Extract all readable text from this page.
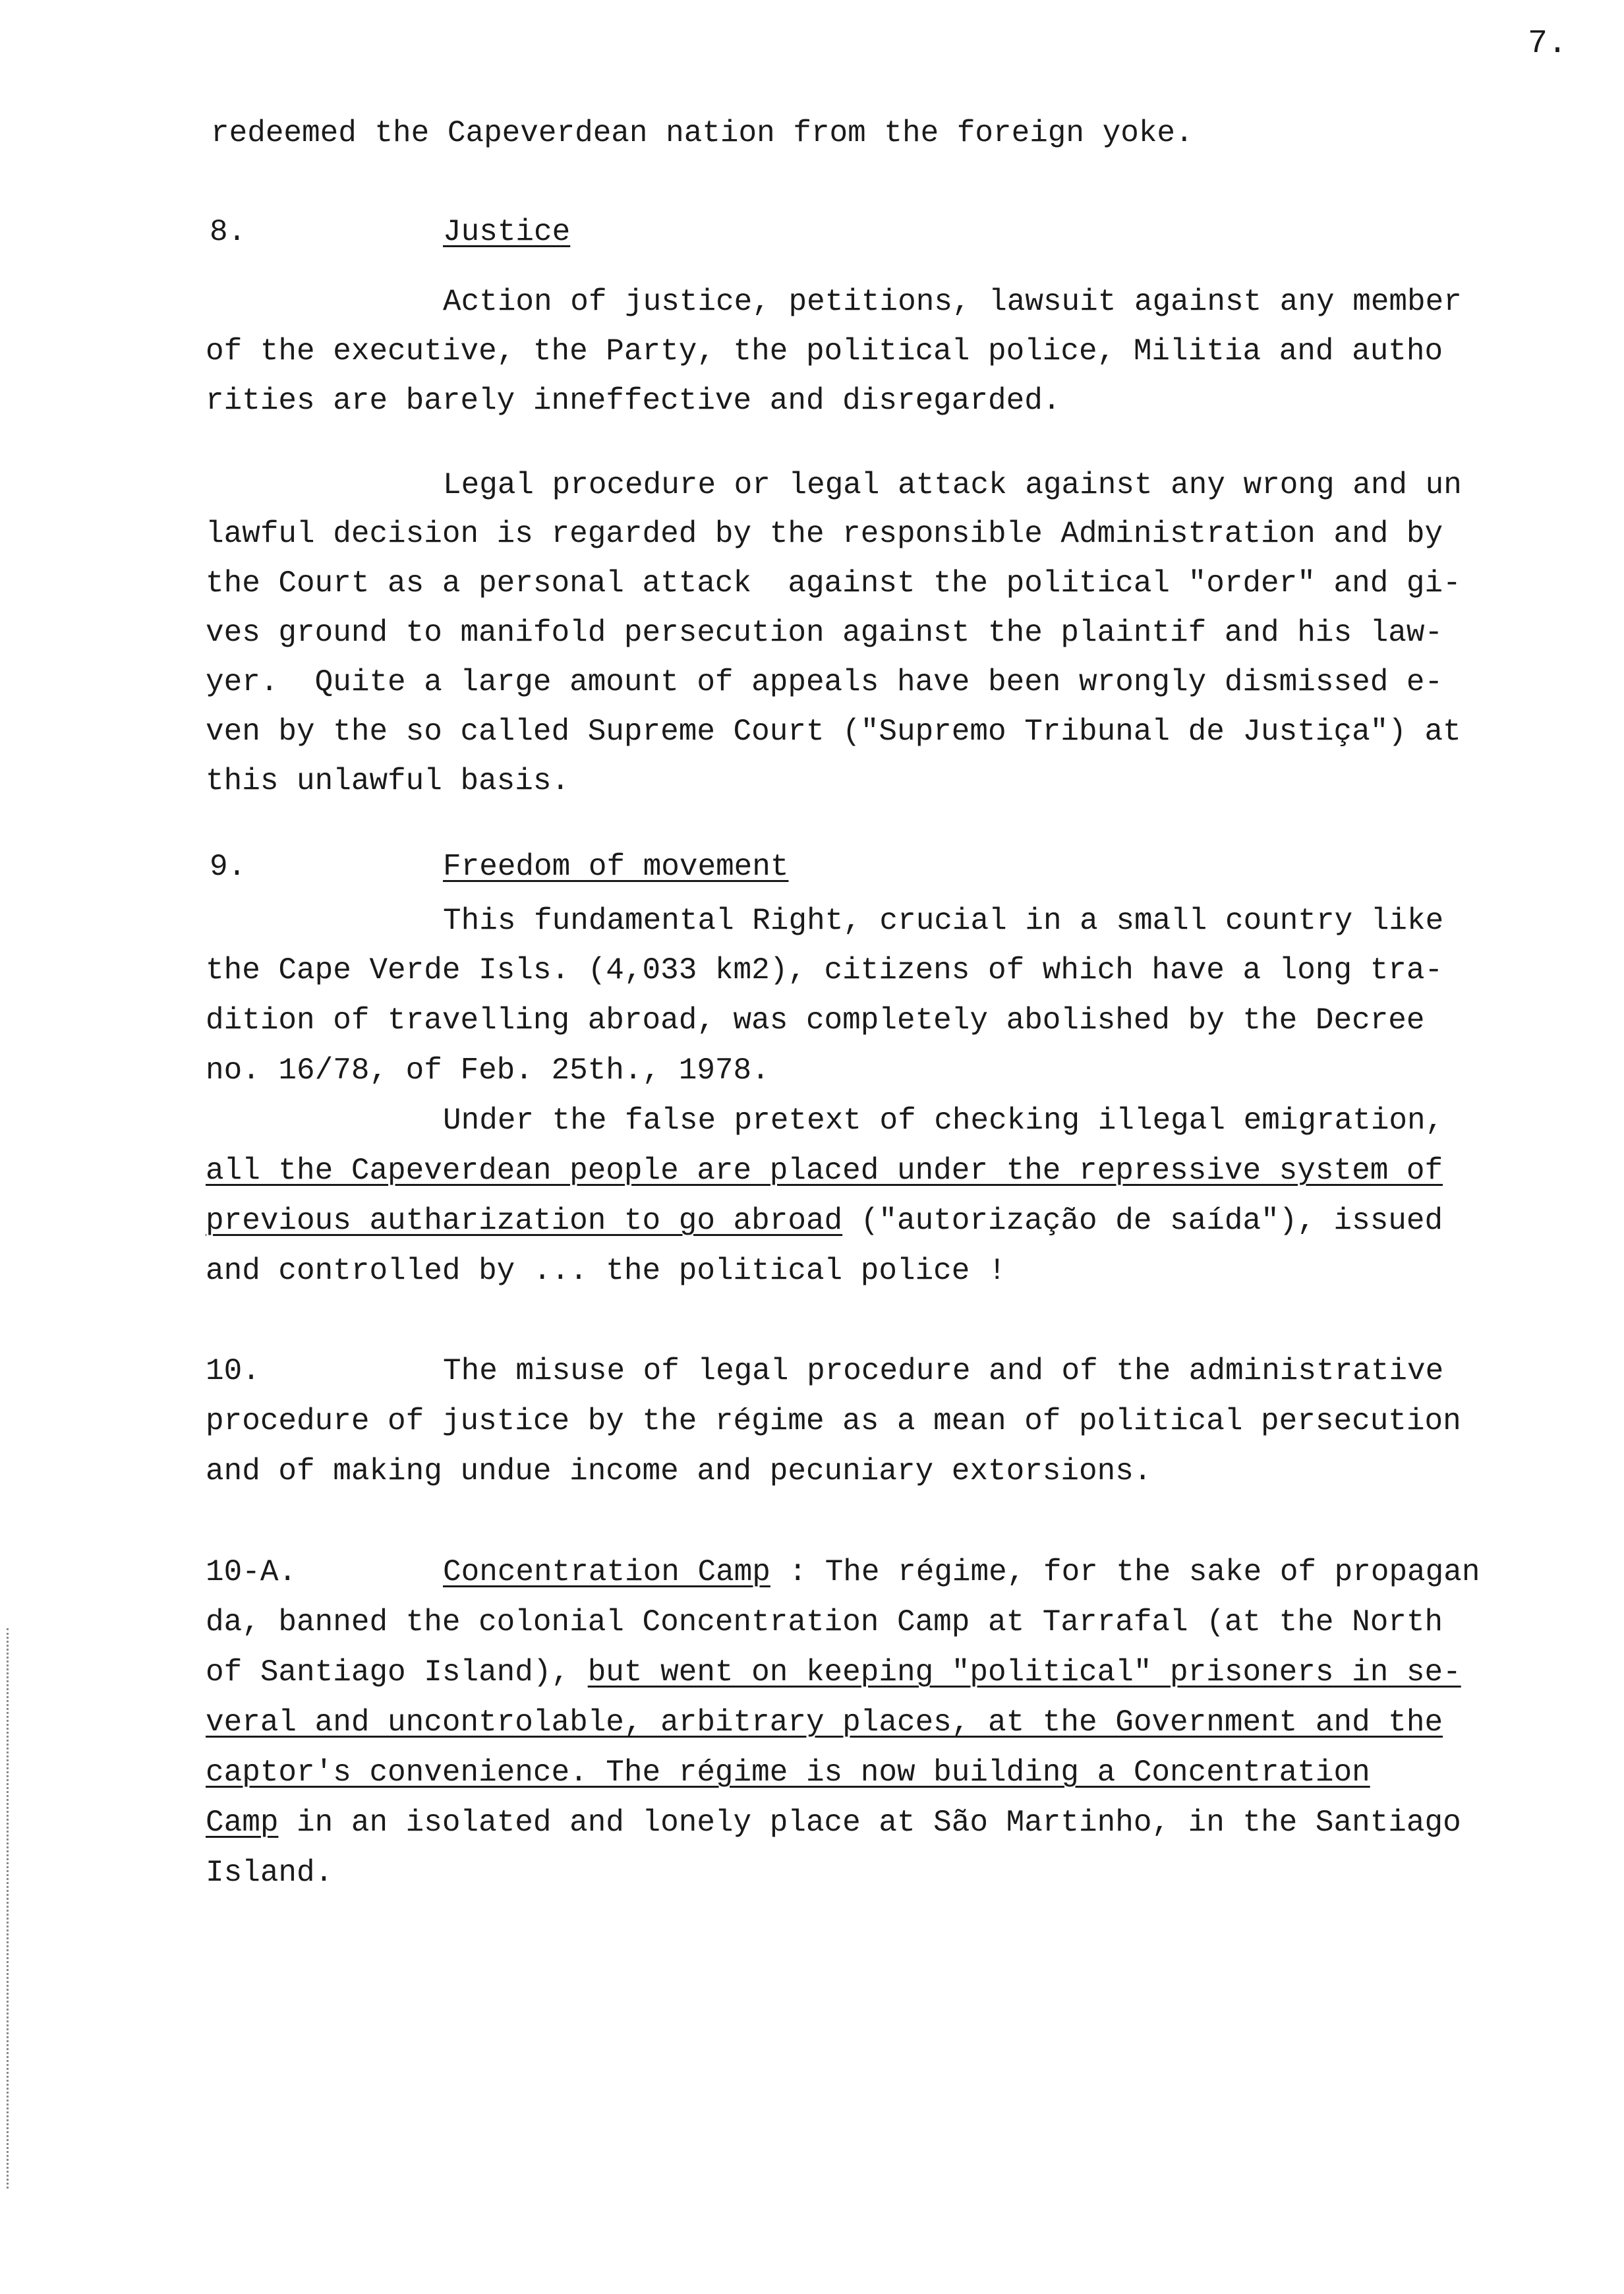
7.
redeemed the Capeverdean nation from the foreign yoke.
8.	Justice
Action of justice, petitions, lawsuit against any member
of the executive, the Party, the political police, Militia and autho
rities are barely inneffective and disregarded.
Legal procedure or legal attack against any wrong and un
lawful decision is regarded by the responsible Administration and by
the Court as a personal attack  against the political "order" and gi-
ves ground to manifold persecution against the plaintif and his law-
yer.  Quite a large amount of appeals have been wrongly dismissed e-
ven by the so called Supreme Court ("Supremo Tribunal de Justiça") at
this unlawful basis.
9.	Freedom of movement
This fundamental Right, crucial in a small country like
the Cape Verde Isls. (4,033 km2), citizens of which have a long tra-
dition of travelling abroad, was completely abolished by the Decree
no. 16/78, of Feb. 25th., 1978.
Under the false pretext of checking illegal emigration,
all the Capeverdean people are placed under the repressive system of
previous autharization to go abroad ("autorização de saída"), issued
and controlled by ... the political police !
10.	The misuse of legal procedure and of the administrative
procedure of justice by the régime as a mean of political persecution
and of making undue income and pecuniary extorsions.
10-A.	Concentration Camp : The régime, for the sake of propagan
da, banned the colonial Concentration Camp at Tarrafal (at the North
of Santiago Island), but went on keeping "political" prisoners in se-
veral and uncontrolable, arbitrary places, at the Government and the
captor's convenience. The régime is now building a Concentration
Camp in an isolated and lonely place at São Martinho, in the Santiago
Island.
